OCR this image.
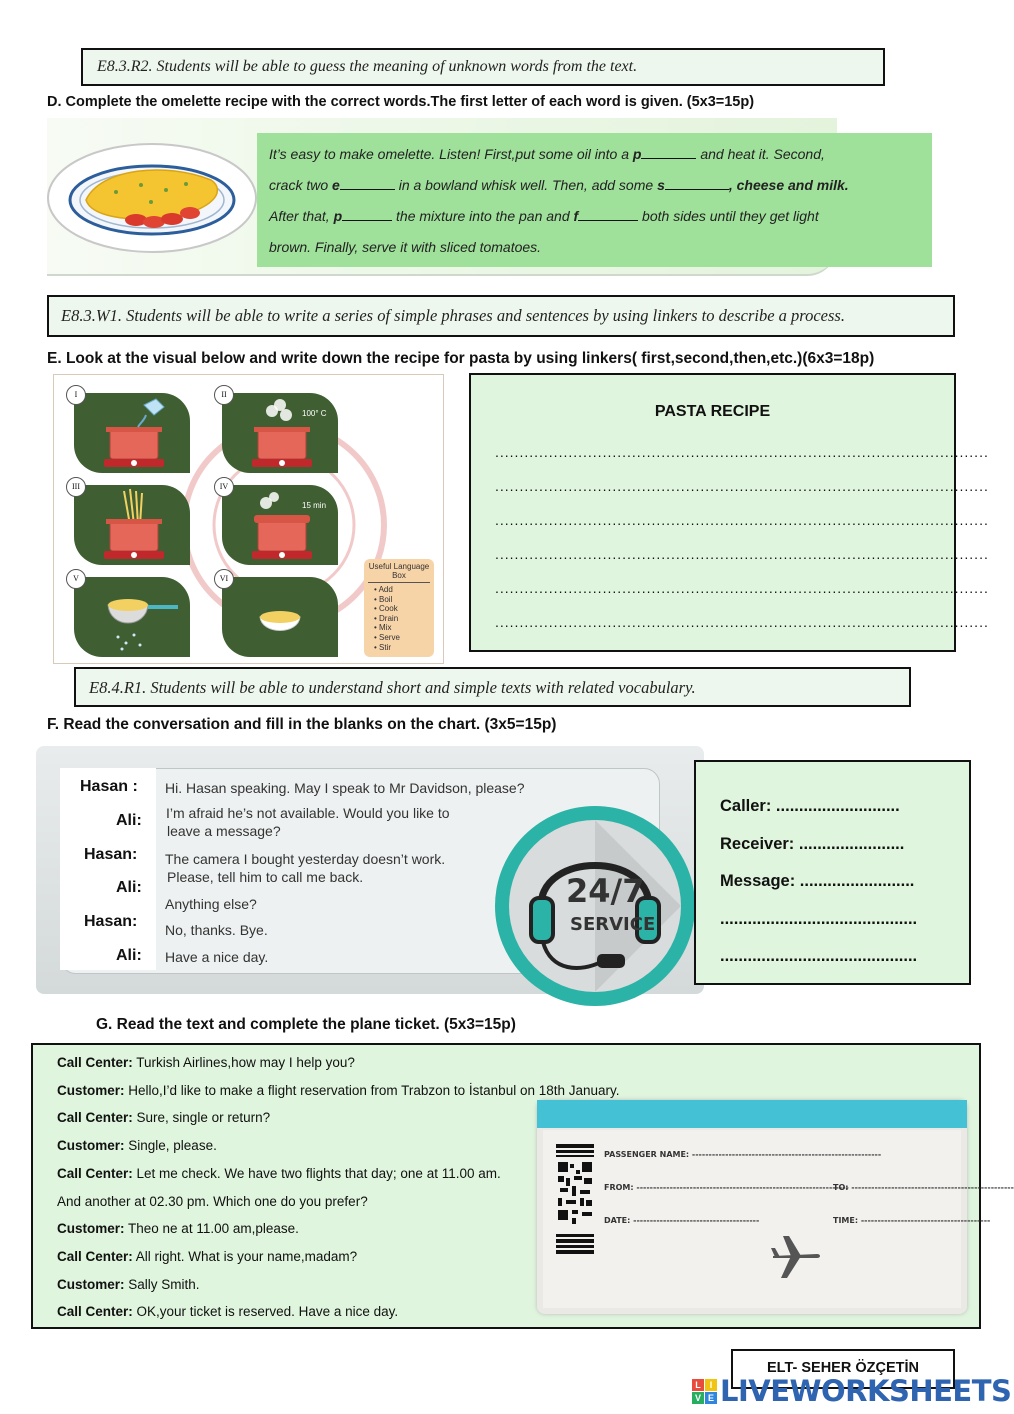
E8.3.R2. Students will be able to guess the meaning of unknown words from the text.
D. Complete the omelette recipe with the correct words.The first letter of each word is given. (5x3=15p)
It’s easy to make omelette. Listen! First,put some oil into a p	and heat it. Second,
crack two e	in a bowland whisk well. Then, add some s	, cheese and milk.
After that, p	the mixture into the pan and f	both sides until they get light
brown. Finally, serve it with sliced tomatoes.
E8.3.W1. Students will be able to write a series of simple phrases and sentences by using linkers to describe a process.
E. Look at the visual below and write down the recipe for pasta by using linkers( first,second,then,etc.)(6x3=18p)
I	II
100° C
III	IV
15 min
V	VI
Useful Language Box
• Add
• Boil
• Cook
• Drain
• Mix
• Serve
• Stir
PASTA RECIPE
.....................................................................................................
.....................................................................................................
.....................................................................................................
.....................................................................................................
.....................................................................................................
.....................................................................................................
E8.4.R1. Students will be able to understand short and simple texts with related vocabulary.
F. Read the conversation and fill in the blanks on the chart. (3x5=15p)
Hasan :
Ali:
Hasan:
Ali:
Hasan:
Ali:
Hi. Hasan speaking. May I speak to Mr Davidson, please?
I’m afraid he’s not available. Would you like to
leave a message?
The camera I bought yesterday doesn’t work.
Please, tell him to call me back.
Anything else?
No, thanks. Bye.
Have a nice day.
24/7
SERVICE
Caller: ...........................
Receiver: .......................
Message: .........................
...........................................
...........................................
G. Read the text and complete the plane ticket. (5x3=15p)

Call Center: Turkish Airlines,how may I help you?

Customer: Hello,I’d like to make a flight reservation from Trabzon to İstanbul on 18th January.

Call Center: Sure, single or return?

Customer: Single, please.

Call Center: Let me check. We have two flights that day; one at 11.00 am.

And another at 02.30 pm. Which one do you prefer?

Customer: Theo ne at 11.00 am,please.

Call Center: All right. What is your name,madam?

Customer: Sally Smith.

Call Center: OK,your ticket is reserved. Have a nice day.

PASSENGER NAME: ---------------------------------------------------------
FROM: ----------------------------------------------------------------
TO: -------------------------------------------------
DATE: --------------------------------------	TIME: ---------------------------------------
ELT- SEHER ÖZÇETİN
L I
V E LIVEWORKSHEETS
